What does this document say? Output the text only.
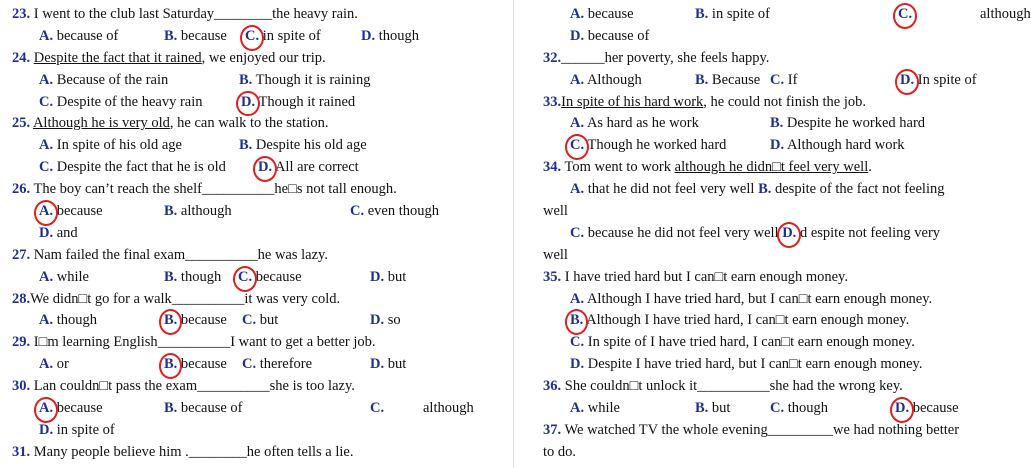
23. I went to the club last Saturday________the heavy rain.
A. because of	B. because C. in spite of	D. though
24. Despite the fact that it rained, we enjoyed our trip.
A. Because of the rain	B. Though it is raining
C. Despite of the heavy rain	D. Though it rained
25. Although he is very old, he can walk to the station.
A. In spite of his old age	B. Despite his old age
C. Despite the fact that he is old D. All are correct
26. The boy can’t reach the shelf__________he□s not tall enough.
A. because	B. although	C. even though
D. and
27. Nam failed the final exam__________he was lazy.
A. while	B. though C. because	D. but
28.We didn□t go for a walk__________it was very cold.
A. though	B. because C. but	D. so
29. I□m learning English__________I want to get a better job.
A. or	B. because C. therefore	D. but
30. Lan couldn□t pass the exam__________she is too lazy.
A. because	B. because of	C.	although
D. in spite of
31. Many people believe him .________he often tells a lie.
A. because	B. in spite of	C.	although
D. because of
32.______her poverty, she feels happy.
A. Although	B. Because C. If	D. In spite of
33.In spite of his hard work, he could not finish the job.
A. As hard as he work	B. Despite he worked hard
C. Though he worked hard	D. Although hard work
34. Tom went to work although he didn□t feel very well.
A. that he did not feel very well B. despite of the fact not feeling
well
C. because he did not feel very well D. d espite not feeling very
well
35. I have tried hard but I can□t earn enough money.
A. Although I have tried hard, but I can□t earn enough money.
B. Although I have tried hard, I can□t earn enough money.
C. In spite of I have tried hard, I can□t earn enough money.
D. Despite I have tried hard, but I can□t earn enough money.
36. She couldn□t unlock it__________she had the wrong key.
A. while	B. but	C. though	D. because
37. We watched TV the whole evening_________we had nothing better
to do.
